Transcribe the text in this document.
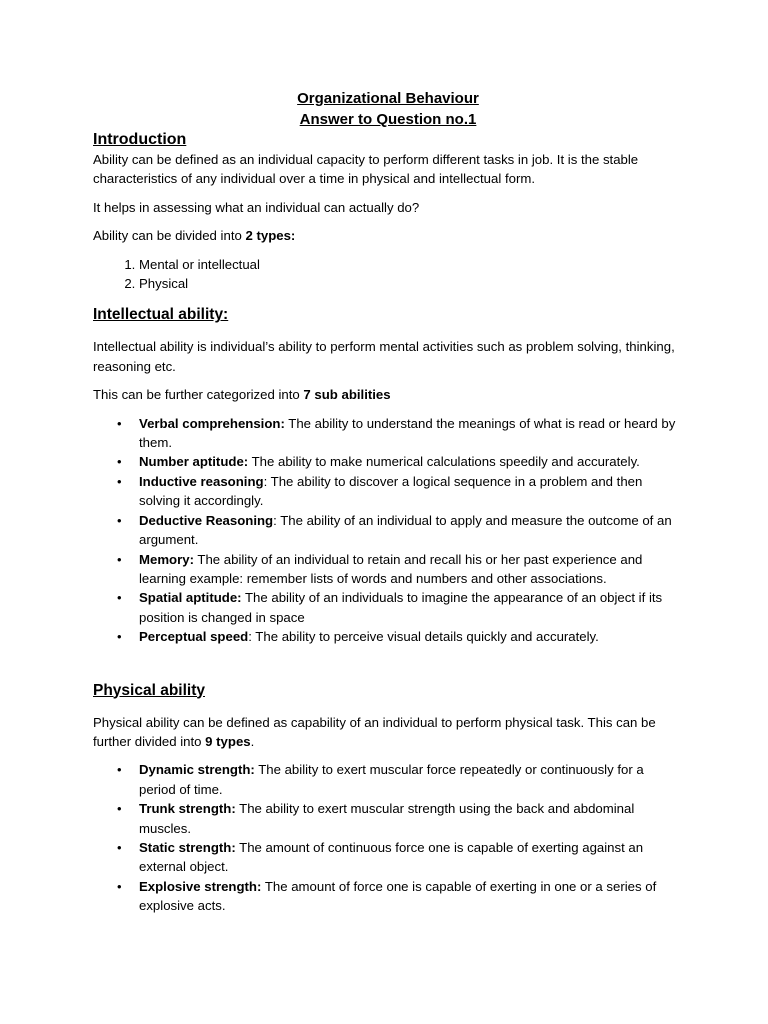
Organizational Behaviour

Answer to Question no.1

Introduction

Ability can be defined as an individual capacity to perform different tasks in job. It is the stable characteristics of any individual over a time in physical and intellectual form.

It helps in assessing what an individual can actually do?

Ability can be divided into 2 types:

1. Mental or intellectual
2. Physical

Intellectual ability:

Intellectual ability is individual’s ability to perform mental activities such as problem solving, thinking, reasoning etc.

This can be further categorized into 7 sub abilities

• Verbal comprehension: The ability to understand the meanings of what is read or heard by them.
• Number aptitude: The ability to make numerical calculations speedily and accurately.
• Inductive reasoning: The ability to discover a logical sequence in a problem and then solving it accordingly.
• Deductive Reasoning: The ability of an individual to apply and measure the outcome of an argument.
• Memory: The ability of an individual to retain and recall his or her past experience and learning example: remember lists of words and numbers and other associations.
• Spatial aptitude: The ability of an individuals to imagine the appearance of an object if its position is changed in space
• Perceptual speed: The ability to perceive visual details quickly and accurately.

Physical ability

Physical ability can be defined as capability of an individual to perform physical task. This can be further divided into 9 types.

• Dynamic strength: The ability to exert muscular force repeatedly or continuously for a period of time.
• Trunk strength: The ability to exert muscular strength using the back and abdominal muscles.
• Static strength: The amount of continuous force one is capable of exerting against an external object.
• Explosive strength: The amount of force one is capable of exerting in one or a series of explosive acts.
